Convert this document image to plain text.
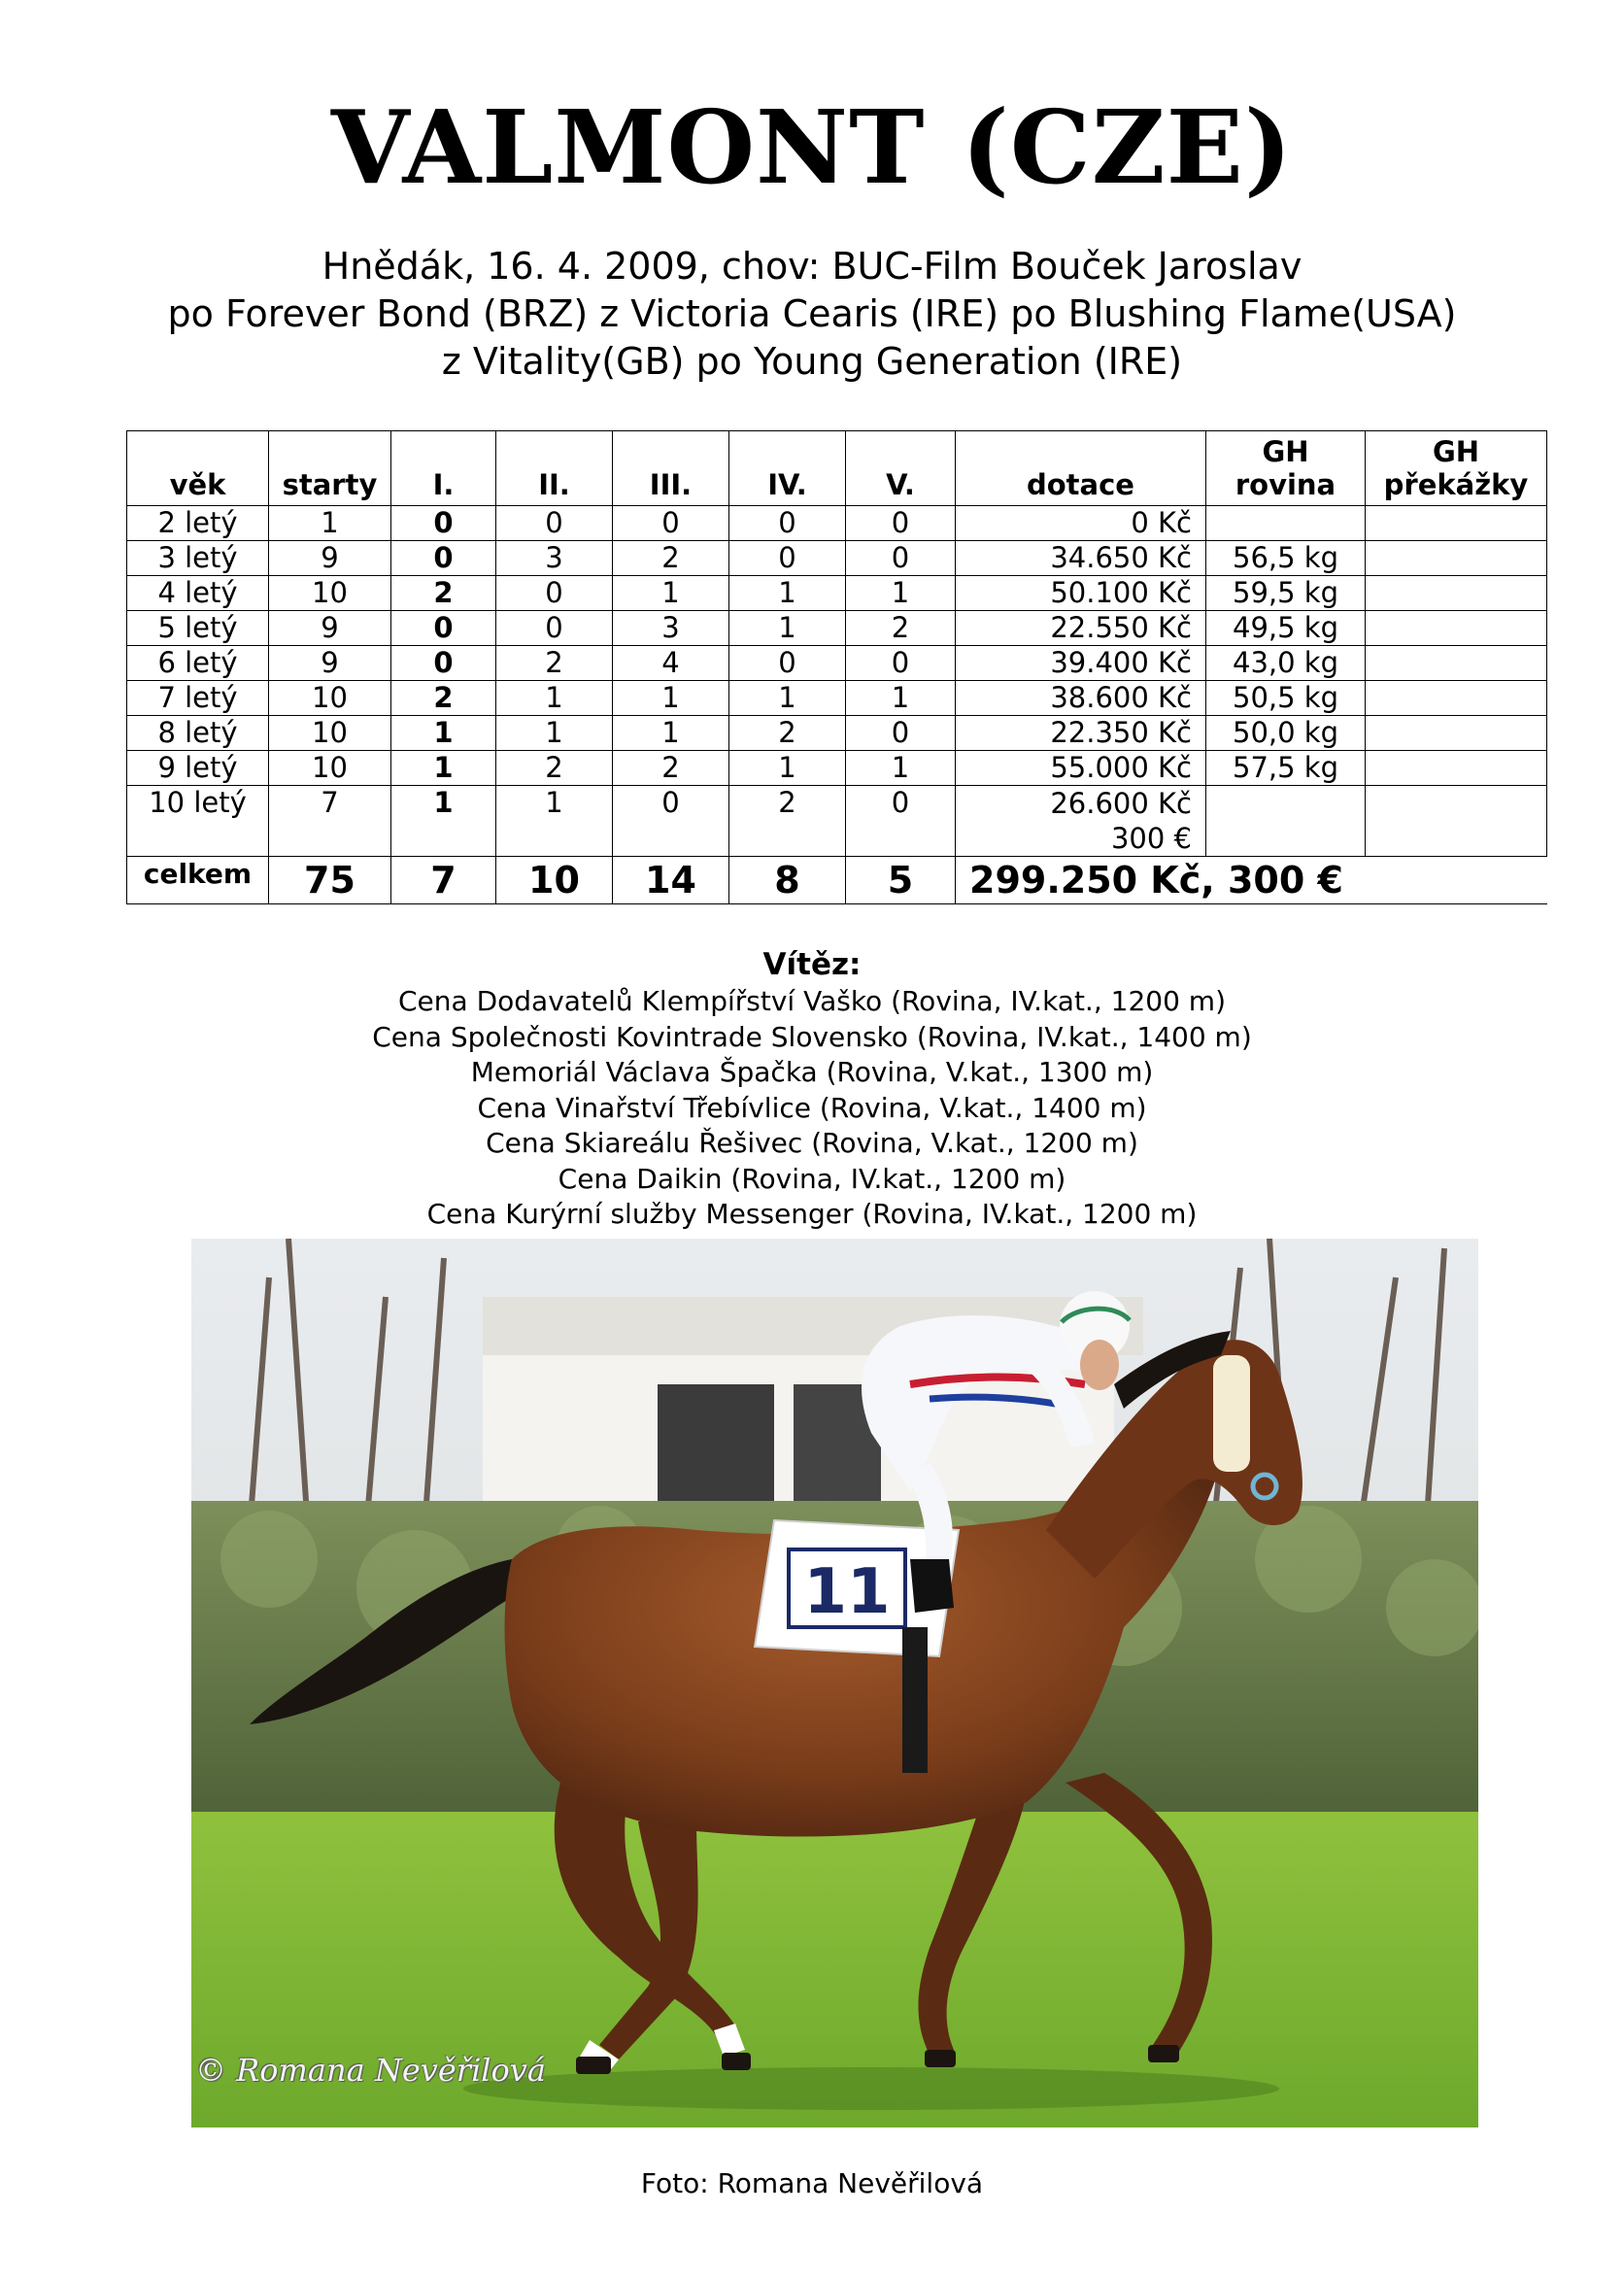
VALMONT (CZE)
Hnědák, 16. 4. 2009, chov: BUC-Film Bouček Jaroslav
po Forever Bond (BRZ) z Victoria Cearis (IRE) po Blushing Flame(USA)
z Vitality(GB) po Young Generation (IRE)
věk	starty	I.	II.	III.	IV.	V.	dotace	GH rovina	GH překážky
2 letý	1	0	0	0	0	0	0 Kč		
3 letý	9	0	3	2	0	0	34.650 Kč	56,5 kg	
4 letý	10	2	0	1	1	1	50.100 Kč	59,5 kg	
5 letý	9	0	0	3	1	2	22.550 Kč	49,5 kg	
6 letý	9	0	2	4	0	0	39.400 Kč	43,0 kg	
7 letý	10	2	1	1	1	1	38.600 Kč	50,5 kg	
8 letý	10	1	1	1	2	0	22.350 Kč	50,0 kg	
9 letý	10	1	2	2	1	1	55.000 Kč	57,5 kg	
10 letý	7	1	1	0	2	0	26.600 Kč
300 €		

celkem	75	7	10	14	8	5	299.250 Kč, 300 €		
Vítěz:
Cena Dodavatelů Klempířství Vaško (Rovina, IV.kat., 1200 m)
Cena Společnosti Kovintrade Slovensko (Rovina, IV.kat., 1400 m)
Memoriál Václava Špačka (Rovina, V.kat., 1300 m)
Cena Vinařství Třebívlice (Rovina, V.kat., 1400 m)
Cena Skiareálu Řešivec (Rovina, V.kat., 1200 m)
Cena Daikin (Rovina, IV.kat., 1200 m)
Cena Kurýrní služby Messenger (Rovina, IV.kat., 1200 m)
11
© Romana Nevěřilová
Foto: Romana Nevěřilová
